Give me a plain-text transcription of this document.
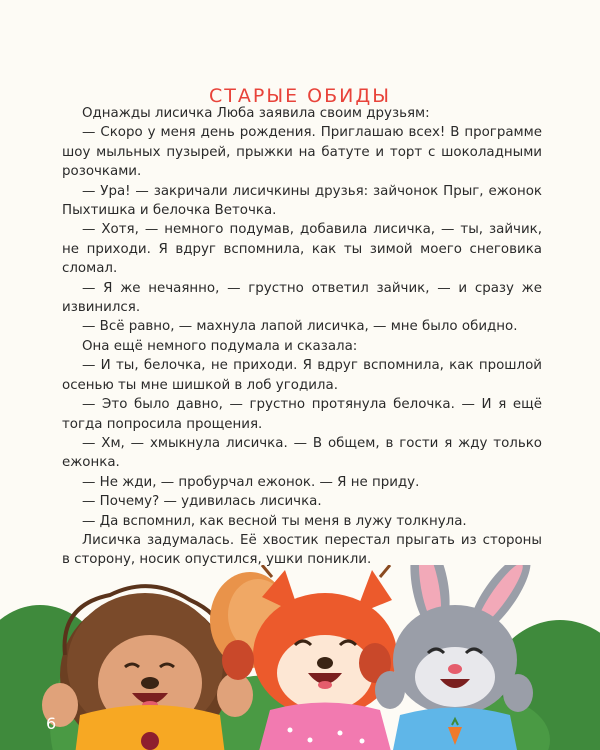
СТАРЫЕ ОБИДЫ

Однажды лисичка Люба заявила своим друзьям:

— Скоро у меня день рождения. Приглашаю всех! В программе шоу мыльных пузырей, прыжки на батуте и торт с шоколадными розочками.

— Ура! — закричали лисичкины друзья: зайчонок Прыг, ежонок Пыхтишка и белочка Веточка.

— Хотя, — немного подумав, добавила лисичка, — ты, зайчик, не приходи. Я вдруг вспомнила, как ты зимой моего снеговика сломал.

— Я же нечаянно, — грустно ответил зайчик, — и сразу же извинился.

— Всё равно, — махнула лапой лисичка, — мне было обидно.

Она ещё немного подумала и сказала:

— И ты, белочка, не приходи. Я вдруг вспомнила, как прошлой осенью ты мне шишкой в лоб угодила.

— Это было давно, — грустно протянула белочка. — И я ещё тогда попросила прощения.

— Хм, — хмыкнула лисичка. — В общем, в гости я жду только ежонка.

— Не жди, — пробурчал ежонок. — Я не приду.

— Почему? — удивилась лисичка.

— Да вспомнил, как весной ты меня в лужу толкнула.

Лисичка задумалась. Её хвостик перестал прыгать из стороны в сторону, носик опустился, ушки поникли.

6
